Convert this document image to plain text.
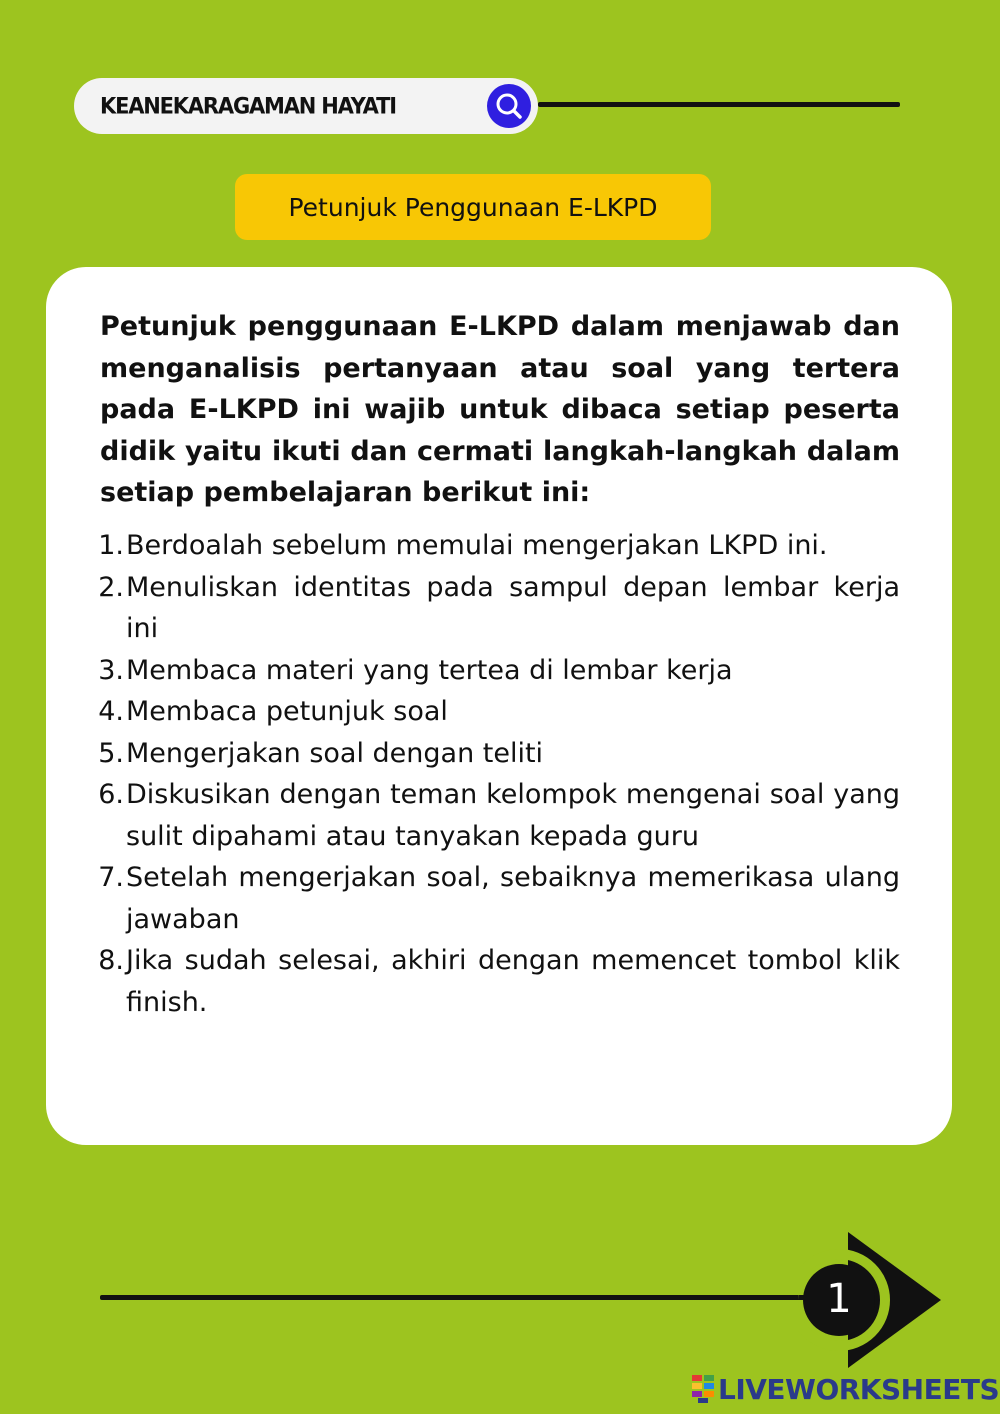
KEANEKARAGAMAN HAYATI
Petunjuk Penggunaan E-LKPD

Petunjuk penggunaan E-LKPD dalam menjawab dan menganalisis pertanyaan atau soal yang tertera pada E-LKPD ini wajib untuk dibaca setiap peserta didik yaitu ikuti dan cermati langkah-langkah dalam setiap pembelajaran berikut ini:

1. Berdoalah sebelum memulai mengerjakan LKPD ini.
2. Menuliskan identitas pada sampul depan lembar kerja ini
3. Membaca materi yang tertea di lembar kerja
4. Membaca petunjuk soal
5. Mengerjakan soal dengan teliti
6. Diskusikan dengan teman kelompok mengenai soal yang sulit dipahami atau tanyakan kepada guru
7. Setelah mengerjakan soal, sebaiknya memerikasa ulang jawaban
8. Jika sudah selesai, akhiri dengan memencet tombol klik finish.
1
LIVEWORKSHEETS
